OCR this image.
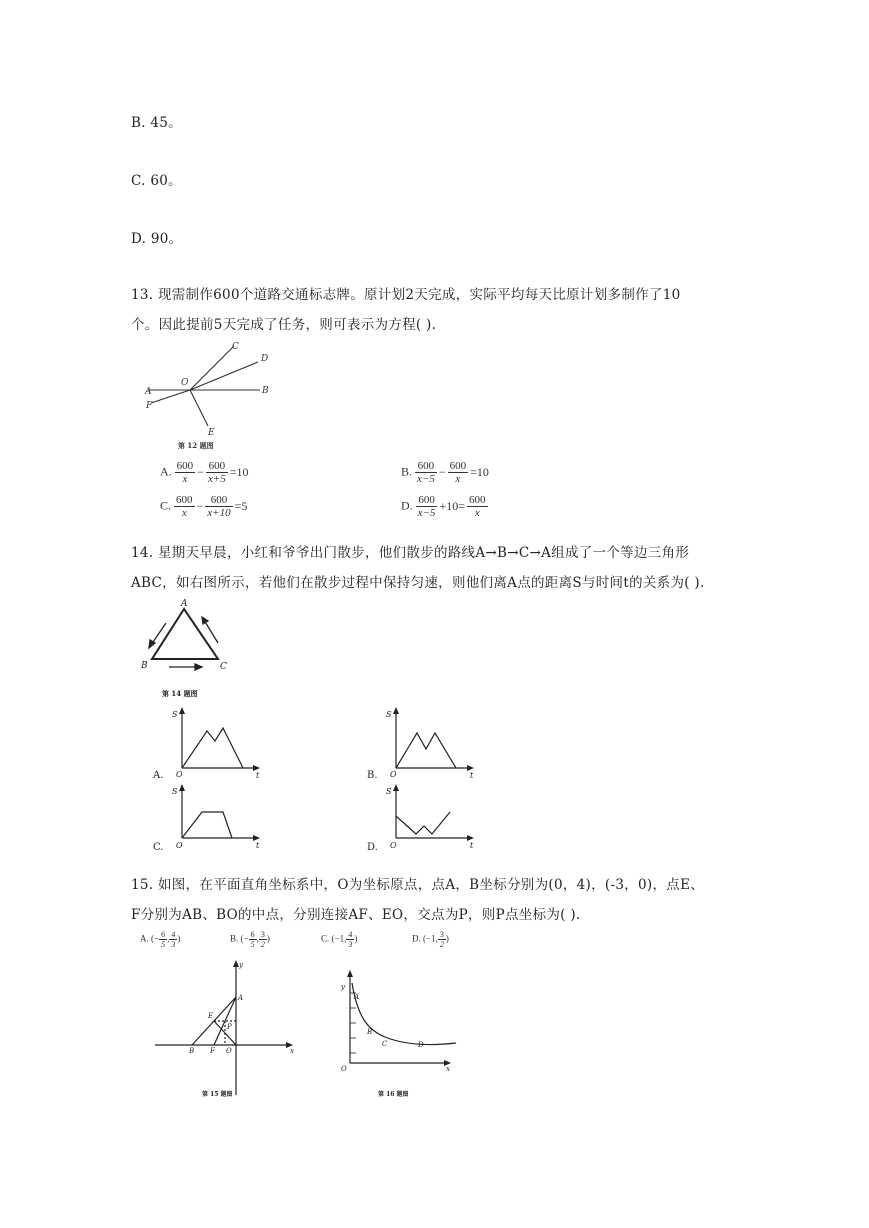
B. 45。
C. 60。
D. 90。
13. 现需制作600个道路交通标志牌。原计划2天完成，实际平均每天比原计划多制作了10
个。因此提前5天完成了任务，则可表示为方程( ).
A	B
C
D
F
E
O
第 12 题图
A. $\frac{600}{x} - \frac{600}{x+5} =10$	B. $\frac{600}{x-5} - \frac{600}{x} =10$
C. $\frac{600}{x} - \frac{600}{x+10} =5$	D. $\frac{600}{x-5} +10= \frac{600}{x}$
14. 星期天早晨，小红和爷爷出门散步，他们散步的路线A→B→C→A组成了一个等边三角形
ABC，如右图所示，若他们在散步过程中保持匀速，则他们离A点的距离S与时间t的关系为( ).
A
B	C
第 14 题图
S
t
O
A.
S
t
O
B.
S
t
O
C.
S
t
O
D.
15. 如图，在平面直角坐标系中，O为坐标原点，点A，B坐标分别为(0，4)，(-3，0)，点E、
F分别为AB、BO的中点，分别连接AF、EO，交点为P，则P点坐标为( ).
A. (− $\frac{6}{5}$ , $\frac{4}{3}$ )	B. (− $\frac{6}{5}$ , $\frac{3}{2}$ )	C. (−1, $\frac{4}{3}$ )	D. (−1, $\frac{3}{2}$ )
y
x
A
E
P
B F O
第 15 题图
y
x
A
B
C	D
O
第 16 题图
